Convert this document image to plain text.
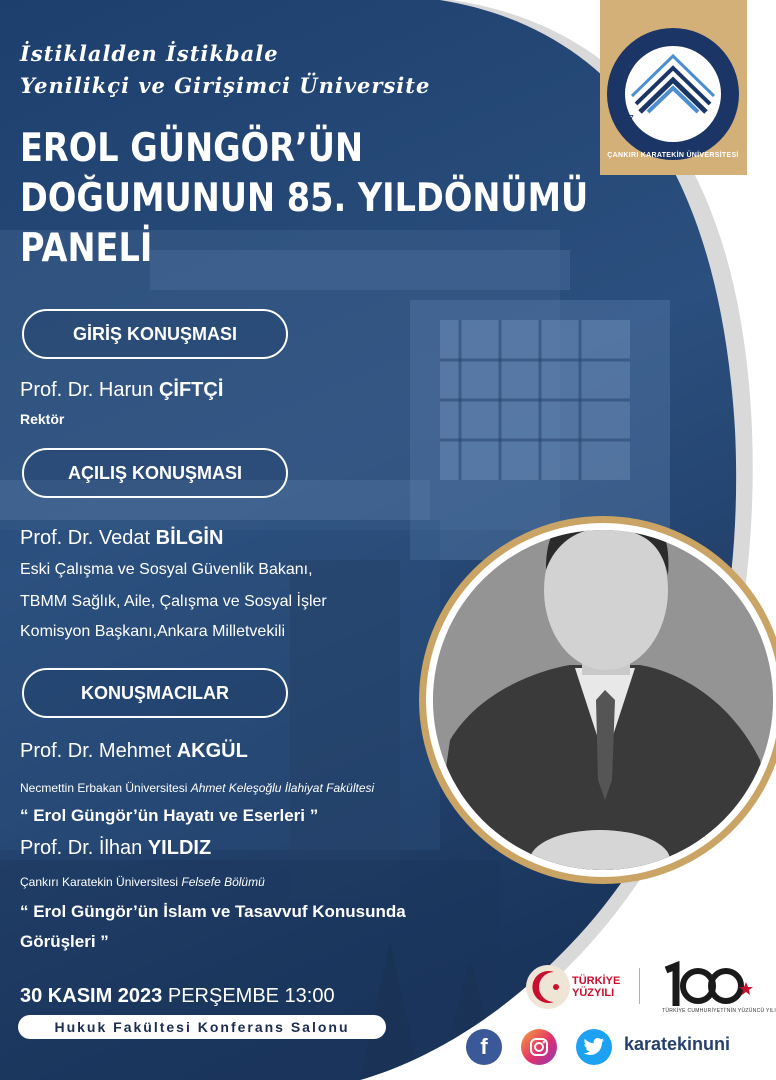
2007
ÇANKIRI KARATEKİN ÜNİVERSİTESİ
İstiklalden İstikbale
Yenilikçi ve Girişimci Üniversite
EROL GÜNGÖR’ÜN
DOĞUMUNUN 85. YILDÖNÜMÜ
PANELİ
GİRİŞ KONUŞMASI
Prof. Dr. Harun ÇİFTÇİ
Rektör
AÇILIŞ KONUŞMASI
Prof. Dr. Vedat BİLGİN
Eski Çalışma ve Sosyal Güvenlik Bakanı,
TBMM Sağlık, Aile, Çalışma ve Sosyal İşler
Komisyon Başkanı,Ankara Milletvekili
KONUŞMACILAR
Prof. Dr. Mehmet AKGÜL
Necmettin Erbakan Üniversitesi Ahmet Keleşoğlu İlahiyat Fakültesi
“ Erol Güngör’ün Hayatı ve Eserleri ”
Prof. Dr. İlhan YILDIZ
Çankırı Karatekin Üniversitesi Felsefe Bölümü
“ Erol Güngör’ün İslam ve Tasavvuf Konusunda
Görüşleri ”
30 KASIM 2023 PERŞEMBE 13:00
Hukuk Fakültesi Konferans Salonu
TÜRKİYE
YÜZYILI
TÜRKİYE CUMHURİYETİ'NİN YÜZÜNCÜ YILI
f	karatekinuni
